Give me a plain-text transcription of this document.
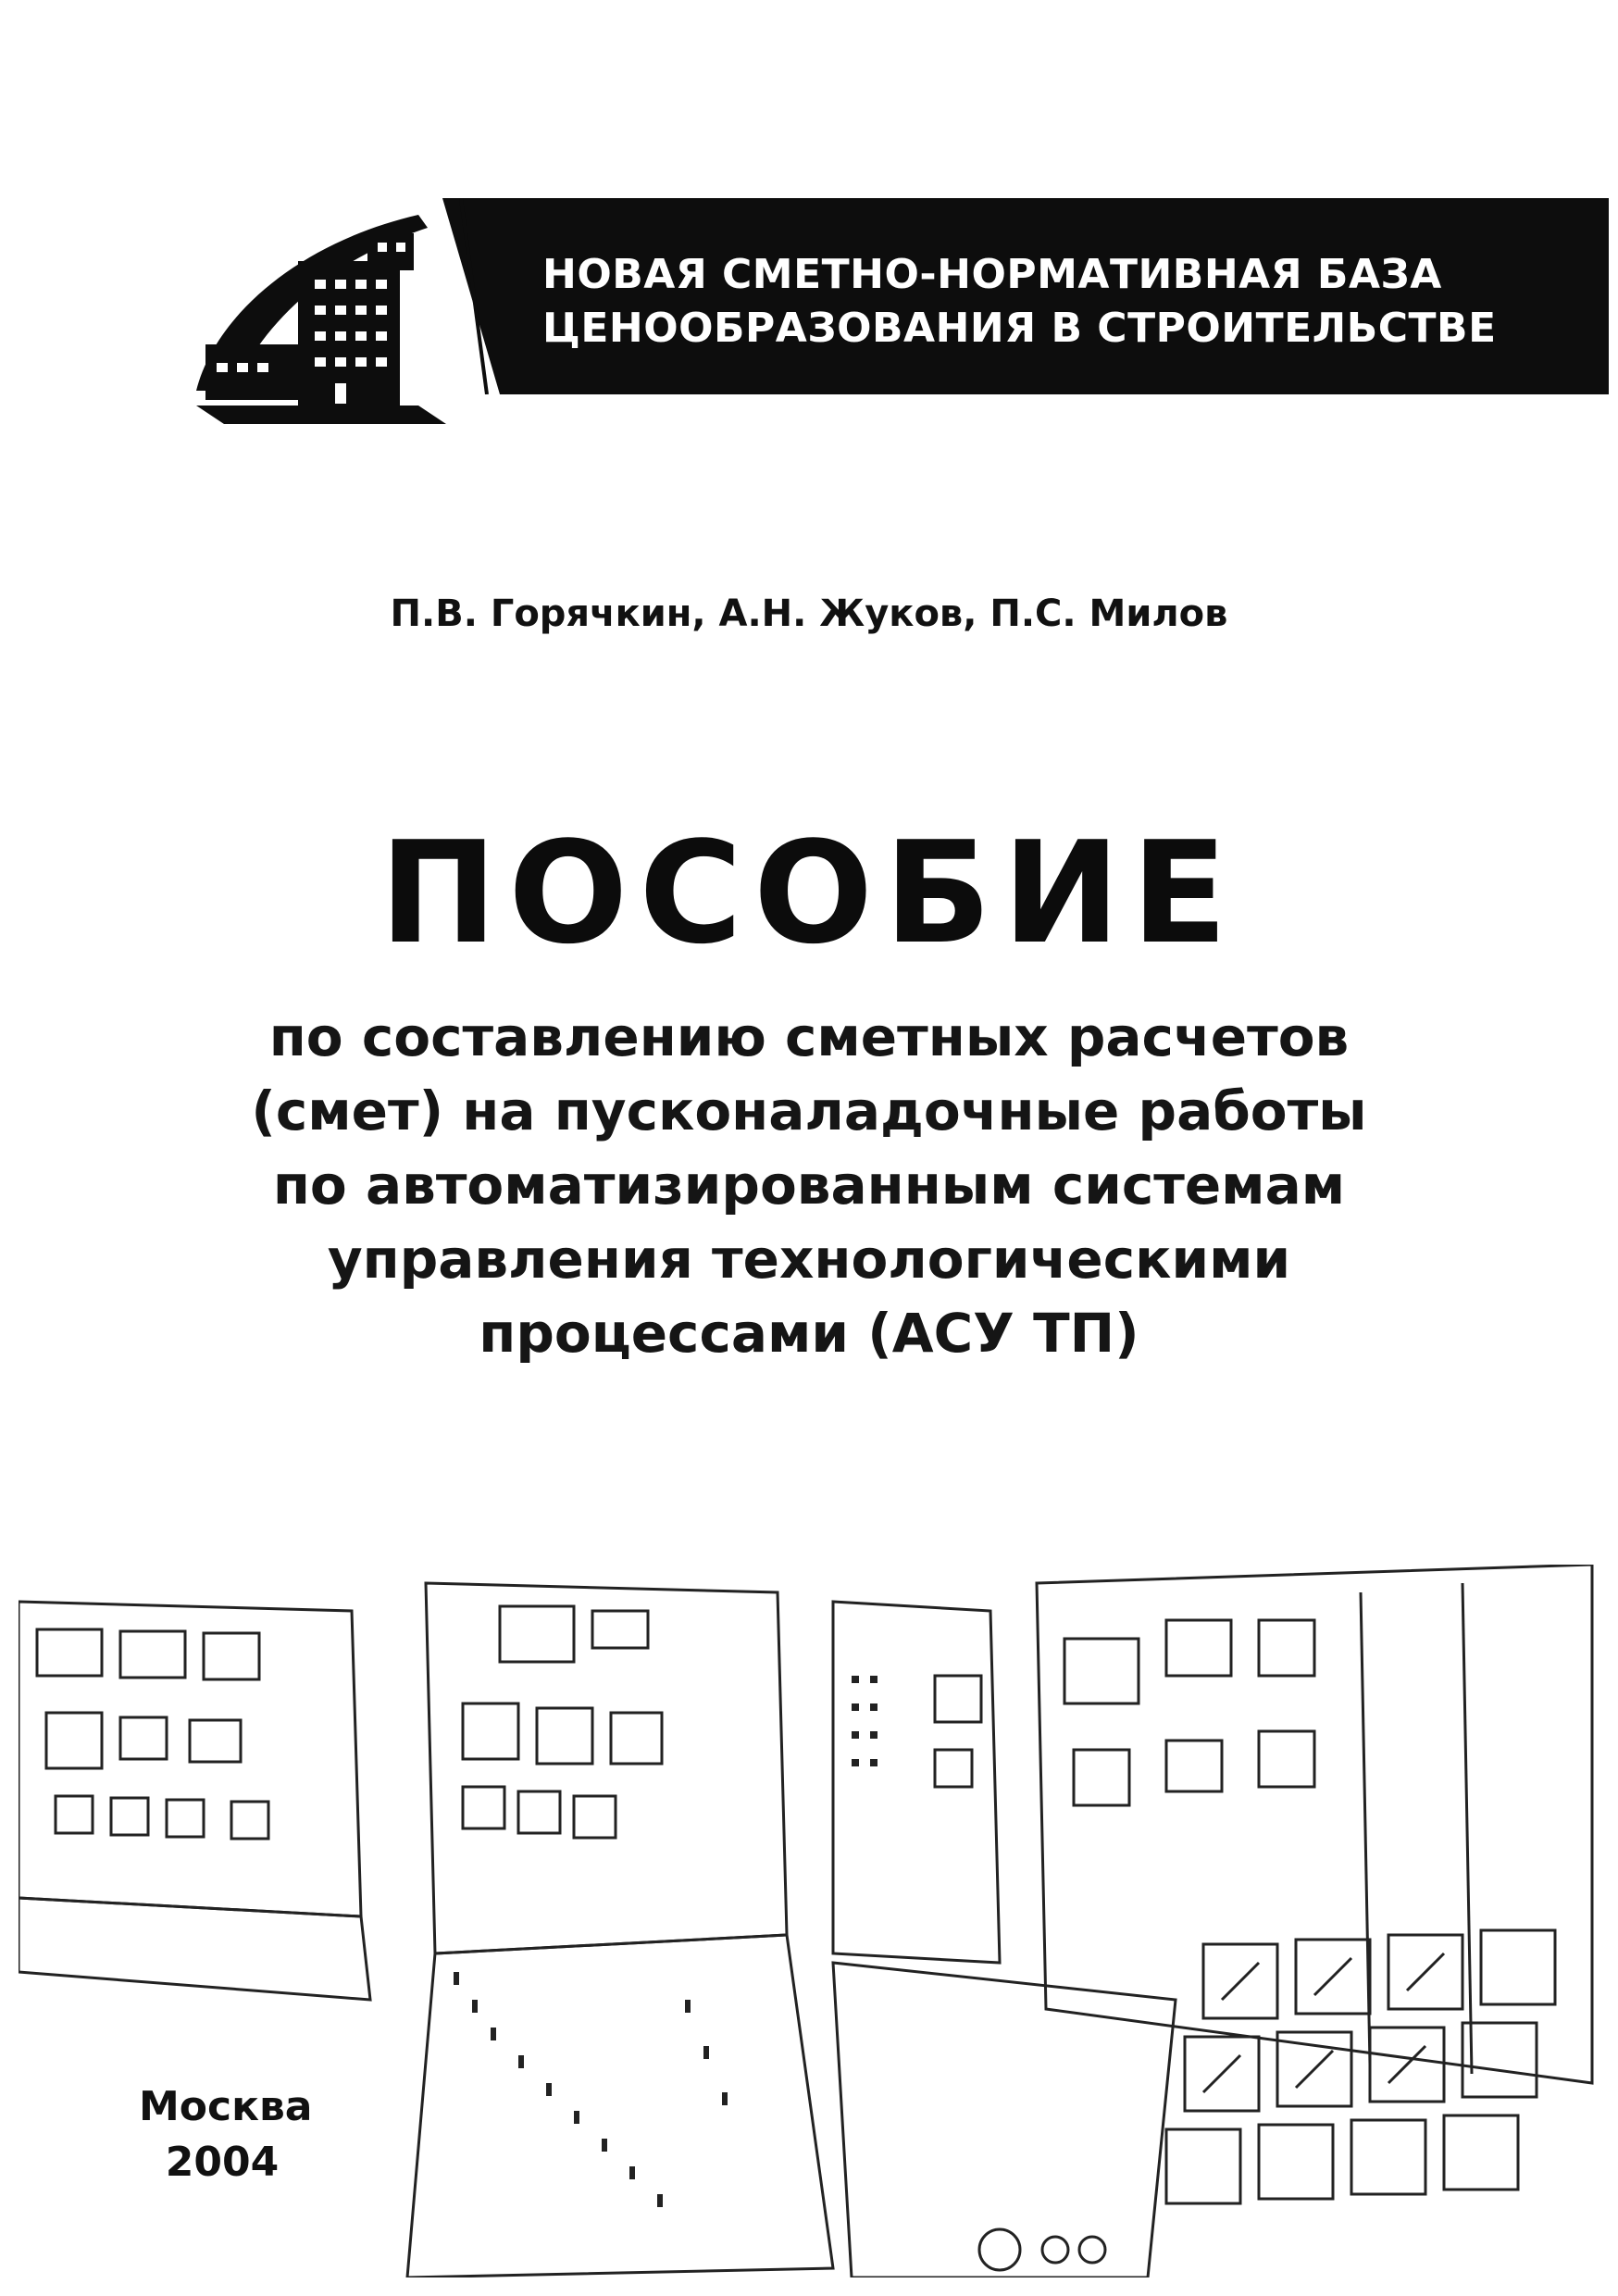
НОВАЯ СМЕТНО-НОРМАТИВНАЯ БАЗА
ЦЕНООБРАЗОВАНИЯ В СТРОИТЕЛЬСТВЕ
П.В. Горячкин, А.Н. Жуков, П.С. Милов
ПОСОБИЕ
по составлению сметных расчетов
(смет) на пусконаладочные работы
по автоматизированным системам
управления технологическими
процессами (АСУ ТП)
Москва
2004
